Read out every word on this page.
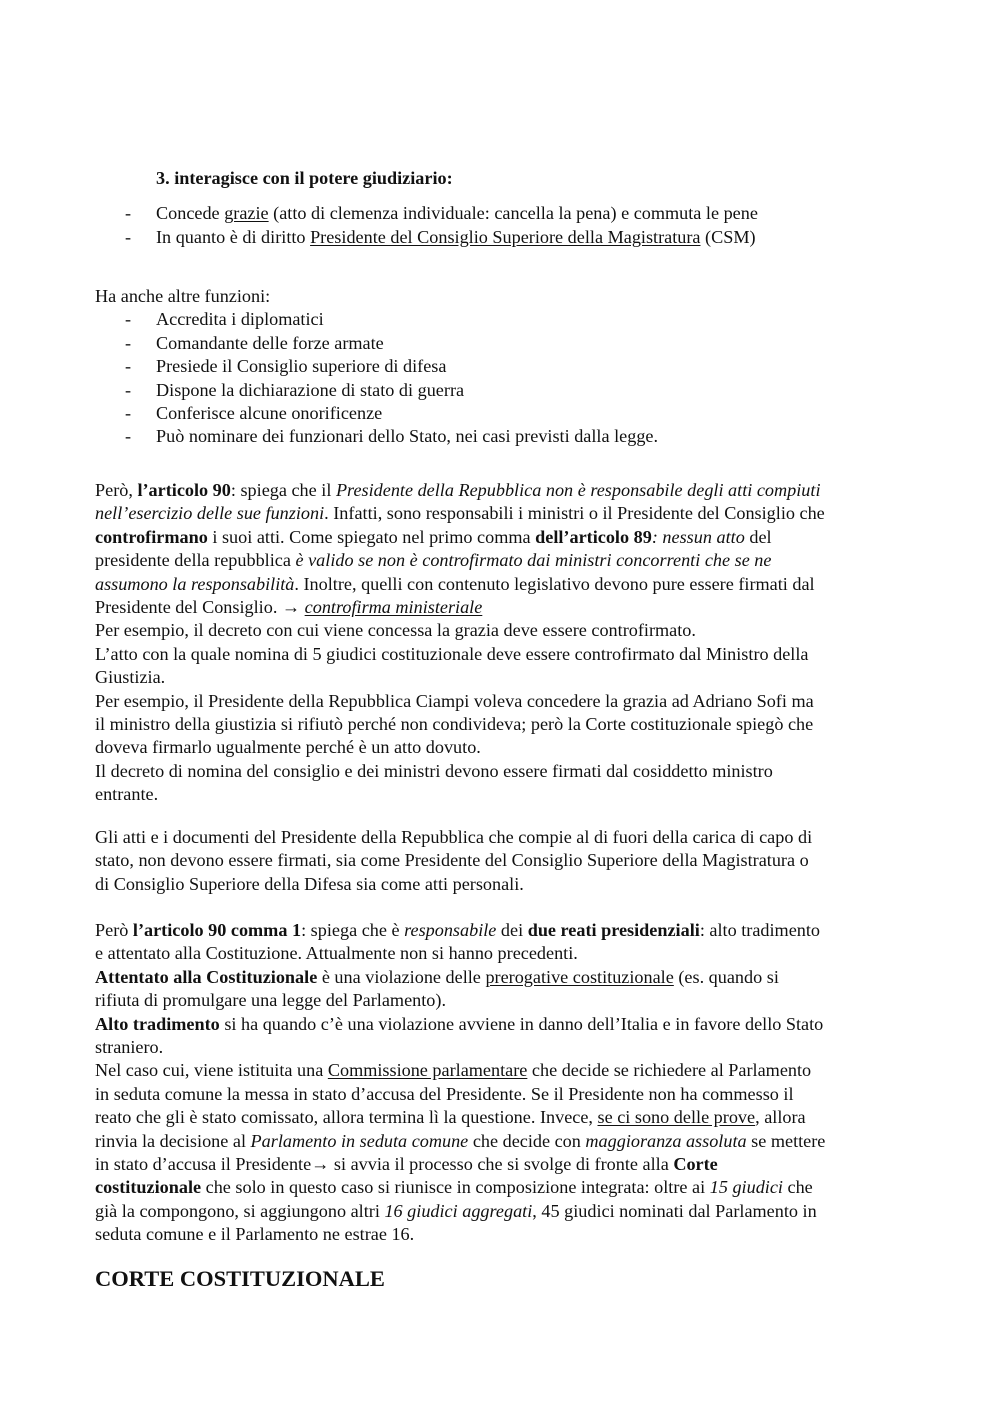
3. interagisce con il potere giudiziario:
- Concede grazie (atto di clemenza individuale: cancella la pena) e commuta le pene
- In quanto è di diritto Presidente del Consiglio Superiore della Magistratura (CSM)
Ha anche altre funzioni:
- Accredita i diplomatici
- Comandante delle forze armate
- Presiede il Consiglio superiore di difesa
- Dispone la dichiarazione di stato di guerra
- Conferisce alcune onorificenze
- Può nominare dei funzionari dello Stato, nei casi previsti dalla legge.
Però, l’articolo 90: spiega che il Presidente della Repubblica non è responsabile degli atti compiuti
nell’esercizio delle sue funzioni. Infatti, sono responsabili i ministri o il Presidente del Consiglio che
controfirmano i suoi atti. Come spiegato nel primo comma dell’articolo 89: nessun atto del
presidente della repubblica è valido se non è controfirmato dai ministri concorrenti che se ne
assumono la responsabilità. Inoltre, quelli con contenuto legislativo devono pure essere firmati dal
Presidente del Consiglio. → controfirma ministeriale
Per esempio, il decreto con cui viene concessa la grazia deve essere controfirmato.
L’atto con la quale nomina di 5 giudici costituzionale deve essere controfirmato dal Ministro della
Giustizia.
Per esempio, il Presidente della Repubblica Ciampi voleva concedere la grazia ad Adriano Sofi ma
il ministro della giustizia si rifiutò perché non condivideva; però la Corte costituzionale spiegò che
doveva firmarlo ugualmente perché è un atto dovuto.
Il decreto di nomina del consiglio e dei ministri devono essere firmati dal cosiddetto ministro
entrante.
Gli atti e i documenti del Presidente della Repubblica che compie al di fuori della carica di capo di
stato, non devono essere firmati, sia come Presidente del Consiglio Superiore della Magistratura o
di Consiglio Superiore della Difesa sia come atti personali.
Però l’articolo 90 comma 1: spiega che è responsabile dei due reati presidenziali: alto tradimento
e attentato alla Costituzione. Attualmente non si hanno precedenti.
Attentato alla Costituzionale è una violazione delle prerogative costituzionale (es. quando si
rifiuta di promulgare una legge del Parlamento).
Alto tradimento si ha quando c’è una violazione avviene in danno dell’Italia e in favore dello Stato
straniero.
Nel caso cui, viene istituita una Commissione parlamentare che decide se richiedere al Parlamento
in seduta comune la messa in stato d’accusa del Presidente. Se il Presidente non ha commesso il
reato che gli è stato comissato, allora termina lì la questione. Invece, se ci sono delle prove, allora
rinvia la decisione al Parlamento in seduta comune che decide con maggioranza assoluta se mettere
in stato d’accusa il Presidente→ si avvia il processo che si svolge di fronte alla Corte
costituzionale che solo in questo caso si riunisce in composizione integrata: oltre ai 15 giudici che
già la compongono, si aggiungono altri 16 giudici aggregati, 45 giudici nominati dal Parlamento in
seduta comune e il Parlamento ne estrae 16.
CORTE COSTITUZIONALE
